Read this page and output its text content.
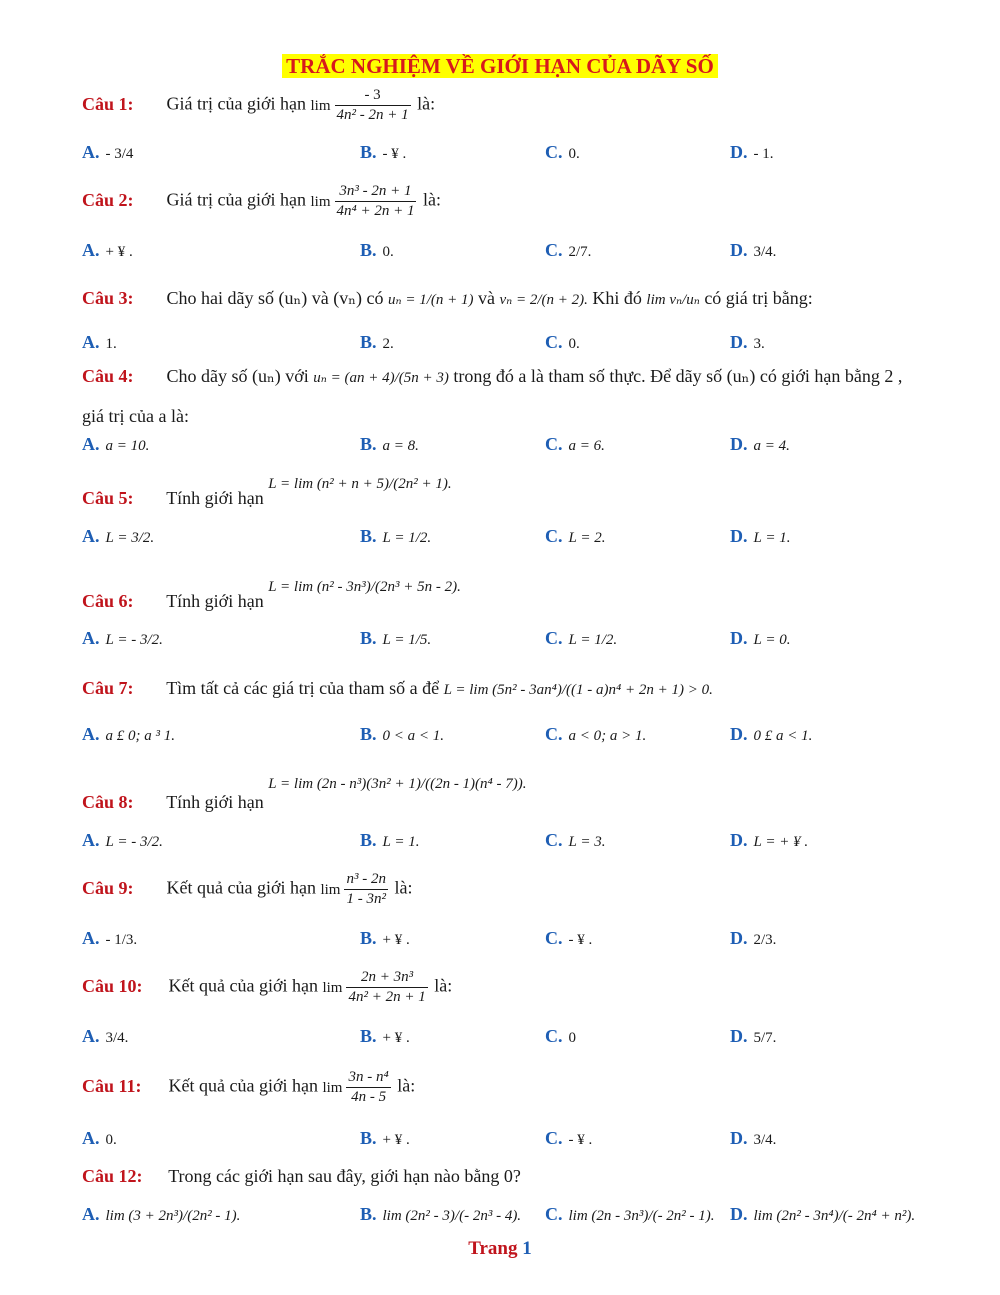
TRẮC NGHIỆM VỀ GIỚI HẠN CỦA DÃY SỐ
Câu 1: Giá trị của giới hạn $\lim \frac{- 3}{\text{4n² - 2n + 1}}$ là:
A. - 3/4	B. - ¥ .	C. 0.	D. - 1.
Câu 2: Giá trị của giới hạn $\lim \frac{\text{3n³ - 2n + 1}}{\text{4n⁴ + 2n + 1}}$ là:
A. + ¥ .	B. 0.	C. 2/7.	D. 3/4.
Câu 3: Cho hai dãy số (uₙ) và (vₙ) có uₙ = 1/(n + 1) và vₙ = 2/(n + 2). Khi đó lim vₙ/uₙ có giá trị bằng:
A. 1.	B. 2.	C. 0.	D. 3.
Câu 4: Cho dãy số (uₙ) với uₙ = (an + 4)/(5n + 3) trong đó a là tham số thực. Để dãy số (uₙ) có giới hạn bằng 2 ,
giá trị của a là:
A. a = 10.	B. a = 8.	C. a = 6.	D. a = 4.
Câu 5: Tính giới hạn $^{L = lim (n^2 + n + 5)/(2n^2 + 1).}$
A. L = 3/2.	B. L = 1/2.	C. L = 2.	D. L = 1.
Câu 6: Tính giới hạn $^{L = lim (n^2 - 3n^3)/(2n^3 + 5n - 2).}$
A. L = - 3/2.	B. L = 1/5.	C. L = 1/2.	D. L = 0.
Câu 7: Tìm tất cả các giá trị của tham số a để L = lim (5n² - 3an⁴)/((1 - a)n⁴ + 2n + 1) > 0.
A. a £ 0; a ³ 1.	B. 0 < a < 1.	C. a < 0; a > 1.	D. 0 £ a < 1.
Câu 8: Tính giới hạn $^{L = lim (2n - n^3)(3n^2 + 1)/((2n - 1)(n^4 - 7)).}$
A. L = - 3/2.	B. L = 1.	C. L = 3.	D. L = + ¥ .
Câu 9: Kết quả của giới hạn $\lim \frac{\text{n³ - 2n}}{\text{1 - 3n²}}$ là:
A. - 1/3.	B. + ¥ .	C. - ¥ .	D. 2/3.
Câu 10: Kết quả của giới hạn $\lim \frac{\text{2n + 3n³}}{\text{4n² + 2n + 1}}$ là:
A. 3/4.	B. + ¥ .	C. 0	D. 5/7.
Câu 11: Kết quả của giới hạn $\lim \frac{\text{3n - n⁴}}{4n - 5}$ là:
A. 0.	B. + ¥ .	C. - ¥ .	D. 3/4.
Câu 12: Trong các giới hạn sau đây, giới hạn nào bằng 0?
A. lim (3 + 2n³)/(2n² - 1).	B. lim (2n² - 3)/(- 2n³ - 4). C. lim (2n - 3n³)/(- 2n² - 1). D. lim (2n² - 3n⁴)/(- 2n⁴ + n²).
Trang 1
